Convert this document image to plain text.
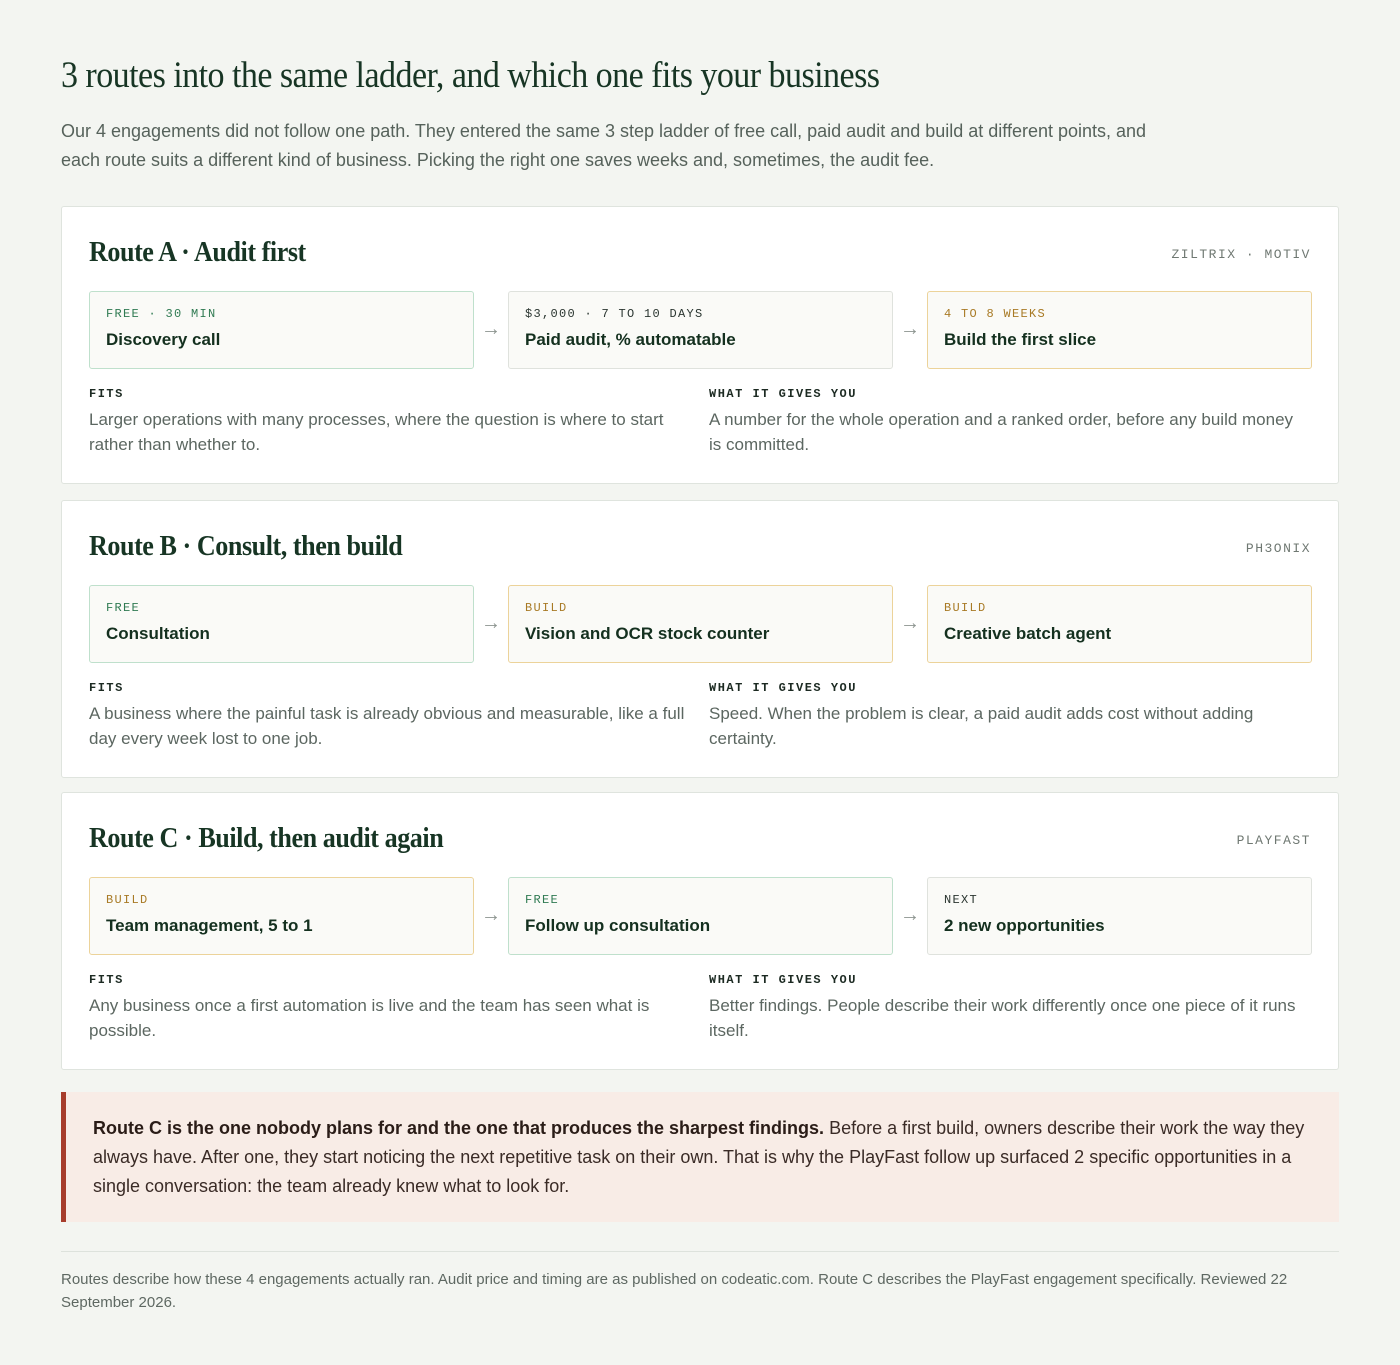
3 routes into the same ladder, and which one fits your business

Our 4 engagements did not follow one path. They entered the same 3 step ladder of free call, paid audit and build at different points, and each route suits a different kind of business. Picking the right one saves weeks and, sometimes, the audit fee.

Route A · Audit first	ZILTRIX · MOTIV
FREE · 30 MIN
Discovery call	→
$3,000 · 7 TO 10 DAYS
Paid audit, % automatable	→
4 TO 8 WEEKS
Build the first slice
FITS
Larger operations with many processes, where the question is where to start rather than whether to.
WHAT IT GIVES YOU
A number for the whole operation and a ranked order, before any build money is committed.
Route B · Consult, then build	PH3ONIX
FREE
Consultation	→
BUILD
Vision and OCR stock counter	→
BUILD
Creative batch agent
FITS
A business where the painful task is already obvious and measurable, like a full day every week lost to one job.
WHAT IT GIVES YOU
Speed. When the problem is clear, a paid audit adds cost without adding certainty.
Route C · Build, then audit again	PLAYFAST
BUILD
Team management, 5 to 1	→
FREE
Follow up consultation	→
NEXT
2 new opportunities
FITS
Any business once a first automation is live and the team has seen what is possible.
WHAT IT GIVES YOU
Better findings. People describe their work differently once one piece of it runs itself.

Route C is the one nobody plans for and the one that produces the sharpest findings. Before a first build, owners describe their work the way they always have. After one, they start noticing the next repetitive task on their own. That is why the PlayFast follow up surfaced 2 specific opportunities in a single conversation: the team already knew what to look for.

Routes describe how these 4 engagements actually ran. Audit price and timing are as published on codeatic.com. Route C describes the PlayFast engagement specifically. Reviewed 22 September 2026.
